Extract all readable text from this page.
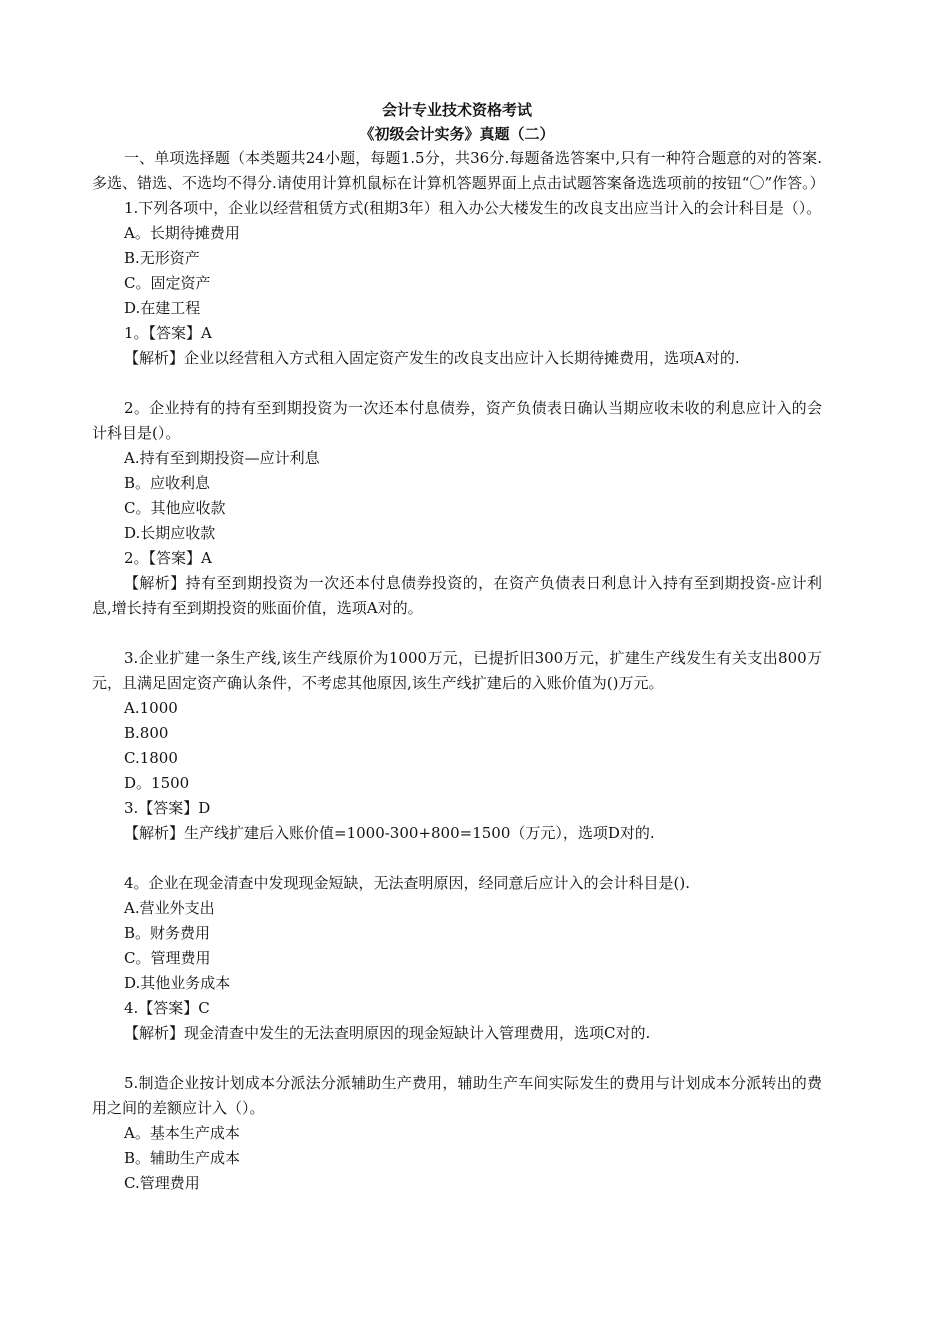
会计专业技术资格考试

《初级会计实务》真题（二）

一、单项选择题（本类题共24小题，每题1.5分，共36分.每题备选答案中,只有一种符合题意的对的答案.多选、错选、不选均不得分.请使用计算机鼠标在计算机答题界面上点击试题答案备选选项前的按钮“〇”作答。）

1.下列各项中，企业以经营租赁方式(租期3年）租入办公大楼发生的改良支出应当计入的会计科目是（）。

A。长期待摊费用

B.无形资产

C。固定资产

D.在建工程

1。【答案】A

【解析】企业以经营租入方式租入固定资产发生的改良支出应计入长期待摊费用，选项A对的.

2。企业持有的持有至到期投资为一次还本付息债券，资产负债表日确认当期应收未收的利息应计入的会计科目是(）。

A.持有至到期投资—应计利息

B。应收利息

C。其他应收款

D.长期应收款

2。【答案】A

【解析】持有至到期投资为一次还本付息债券投资的，在资产负债表日利息计入持有至到期投资-应计利息,增长持有至到期投资的账面价值，选项A对的。

3.企业扩建一条生产线,该生产线原价为1000万元，已提折旧300万元，扩建生产线发生有关支出800万元，且满足固定资产确认条件，不考虑其他原因,该生产线扩建后的入账价值为()万元。

A.1000

B.800

C.1800

D。1500

3.【答案】D

【解析】生产线扩建后入账价值=1000-300+800=1500（万元），选项D对的.

4。企业在现金清查中发现现金短缺，无法查明原因，经同意后应计入的会计科目是().

A.营业外支出

B。财务费用

C。管理费用

D.其他业务成本

4.【答案】C

【解析】现金清查中发生的无法查明原因的现金短缺计入管理费用，选项C对的.

5.制造企业按计划成本分派法分派辅助生产费用，辅助生产车间实际发生的费用与计划成本分派转出的费用之间的差额应计入（）。

A。基本生产成本

B。辅助生产成本

C.管理费用
